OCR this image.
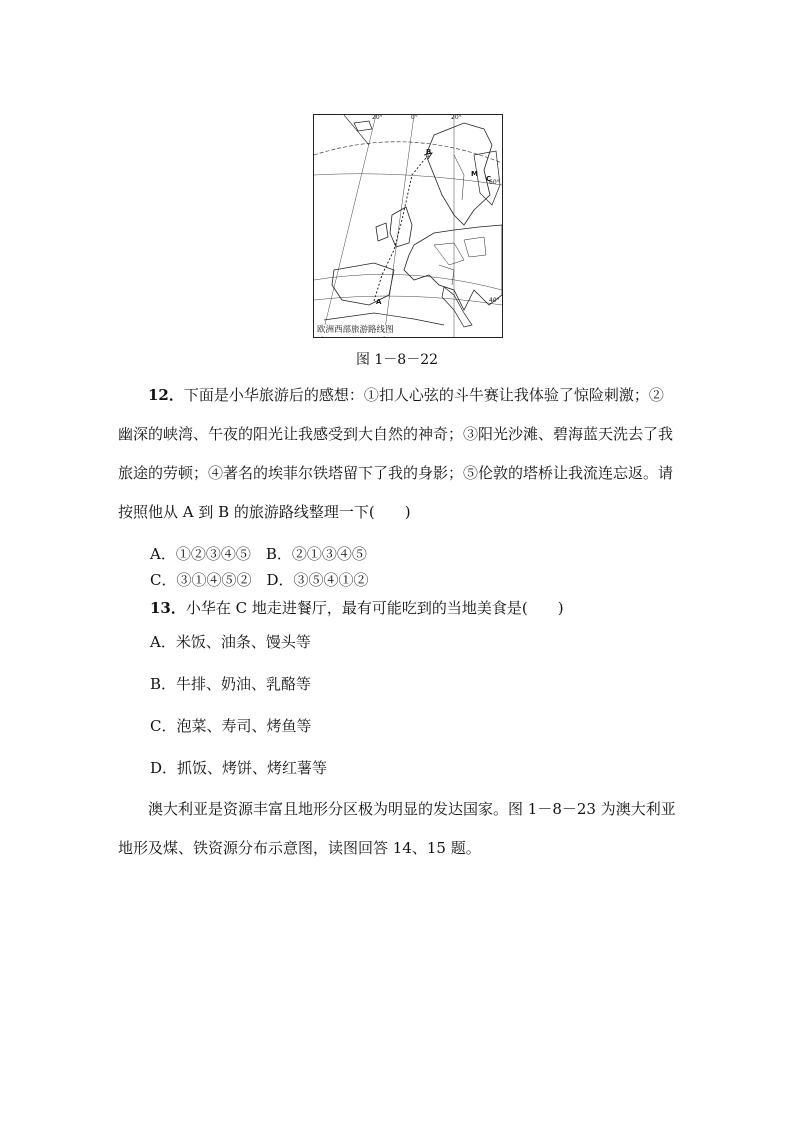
20°	0°	20°
60°
40°
A
B
C
M
欧洲西部旅游路线图
图 1－8－22
12．下面是小华旅游后的感想：①扣人心弦的斗牛赛让我体验了惊险刺激；②幽深的峡湾、午夜的阳光让我感受到大自然的神奇；③阳光沙滩、碧海蓝天洗去了我旅途的劳顿；④著名的埃菲尔铁塔留下了我的身影；⑤伦敦的塔桥让我流连忘返。请按照他从 A 到 B 的旅游路线整理一下(　　)
A．①②③④⑤　B．②①③④⑤
C．③①④⑤②　D．③⑤④①②
13．小华在 C 地走进餐厅，最有可能吃到的当地美食是(　　)
A．米饭、油条、馒头等
B．牛排、奶油、乳酪等
C．泡菜、寿司、烤鱼等
D．抓饭、烤饼、烤红薯等
澳大利亚是资源丰富且地形分区极为明显的发达国家。图 1－8－23 为澳大利亚地形及煤、铁资源分布示意图，读图回答 14、15 题。
